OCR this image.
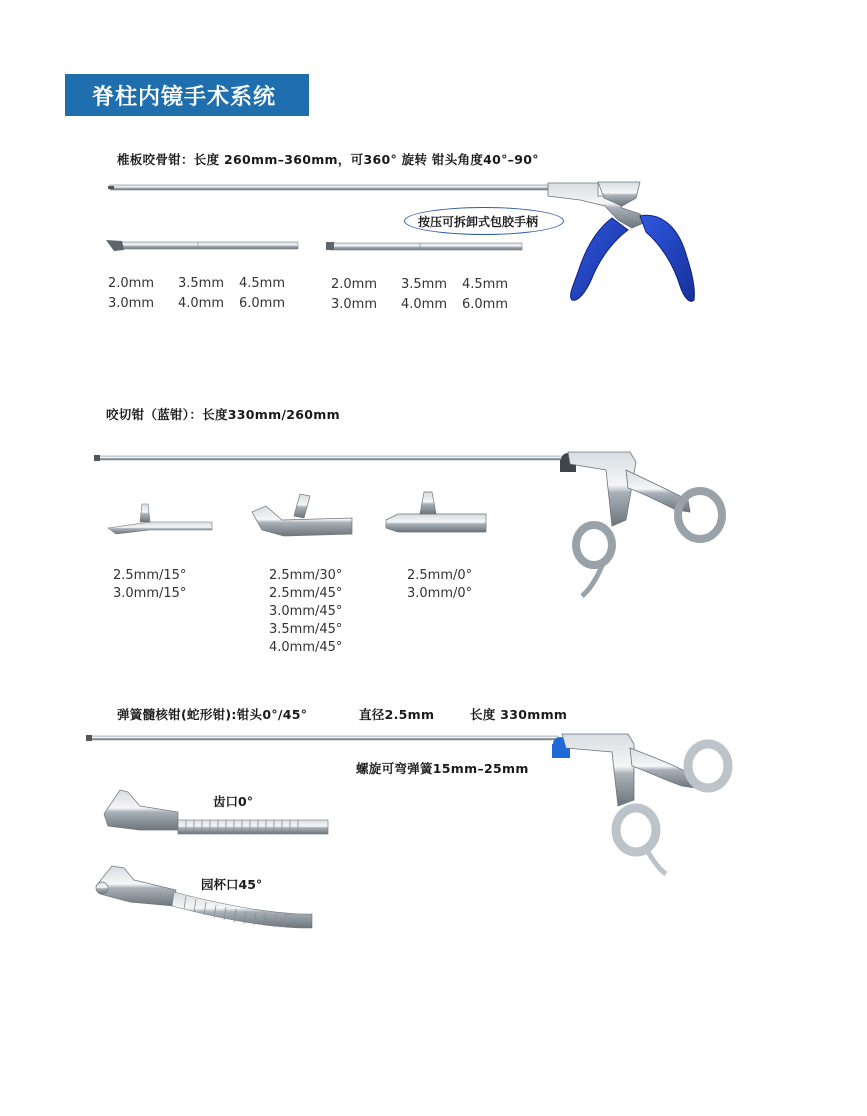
脊柱内镜手术系统
椎板咬骨钳：长度 260mm–360mm，可360° 旋转 钳头角度40°–90°
按压可拆卸式包胶手柄
2.0mm 3.5mm 4.5mm
3.0mm 4.0mm 6.0mm
2.0mm 3.5mm 4.5mm
3.0mm 4.0mm 6.0mm
咬切钳（蓝钳）：长度330mm/260mm
2.5mm/15°
3.0mm/15°
2.5mm/30°
2.5mm/45°
3.0mm/45°
3.5mm/45°
4.0mm/45°
2.5mm/0°
3.0mm/0°
弹簧髓核钳(蛇形钳):钳头0°/45°	直径2.5mm	长度 330mmm
螺旋可弯弹簧15mm–25mm
齿口0°
园杯口45°
